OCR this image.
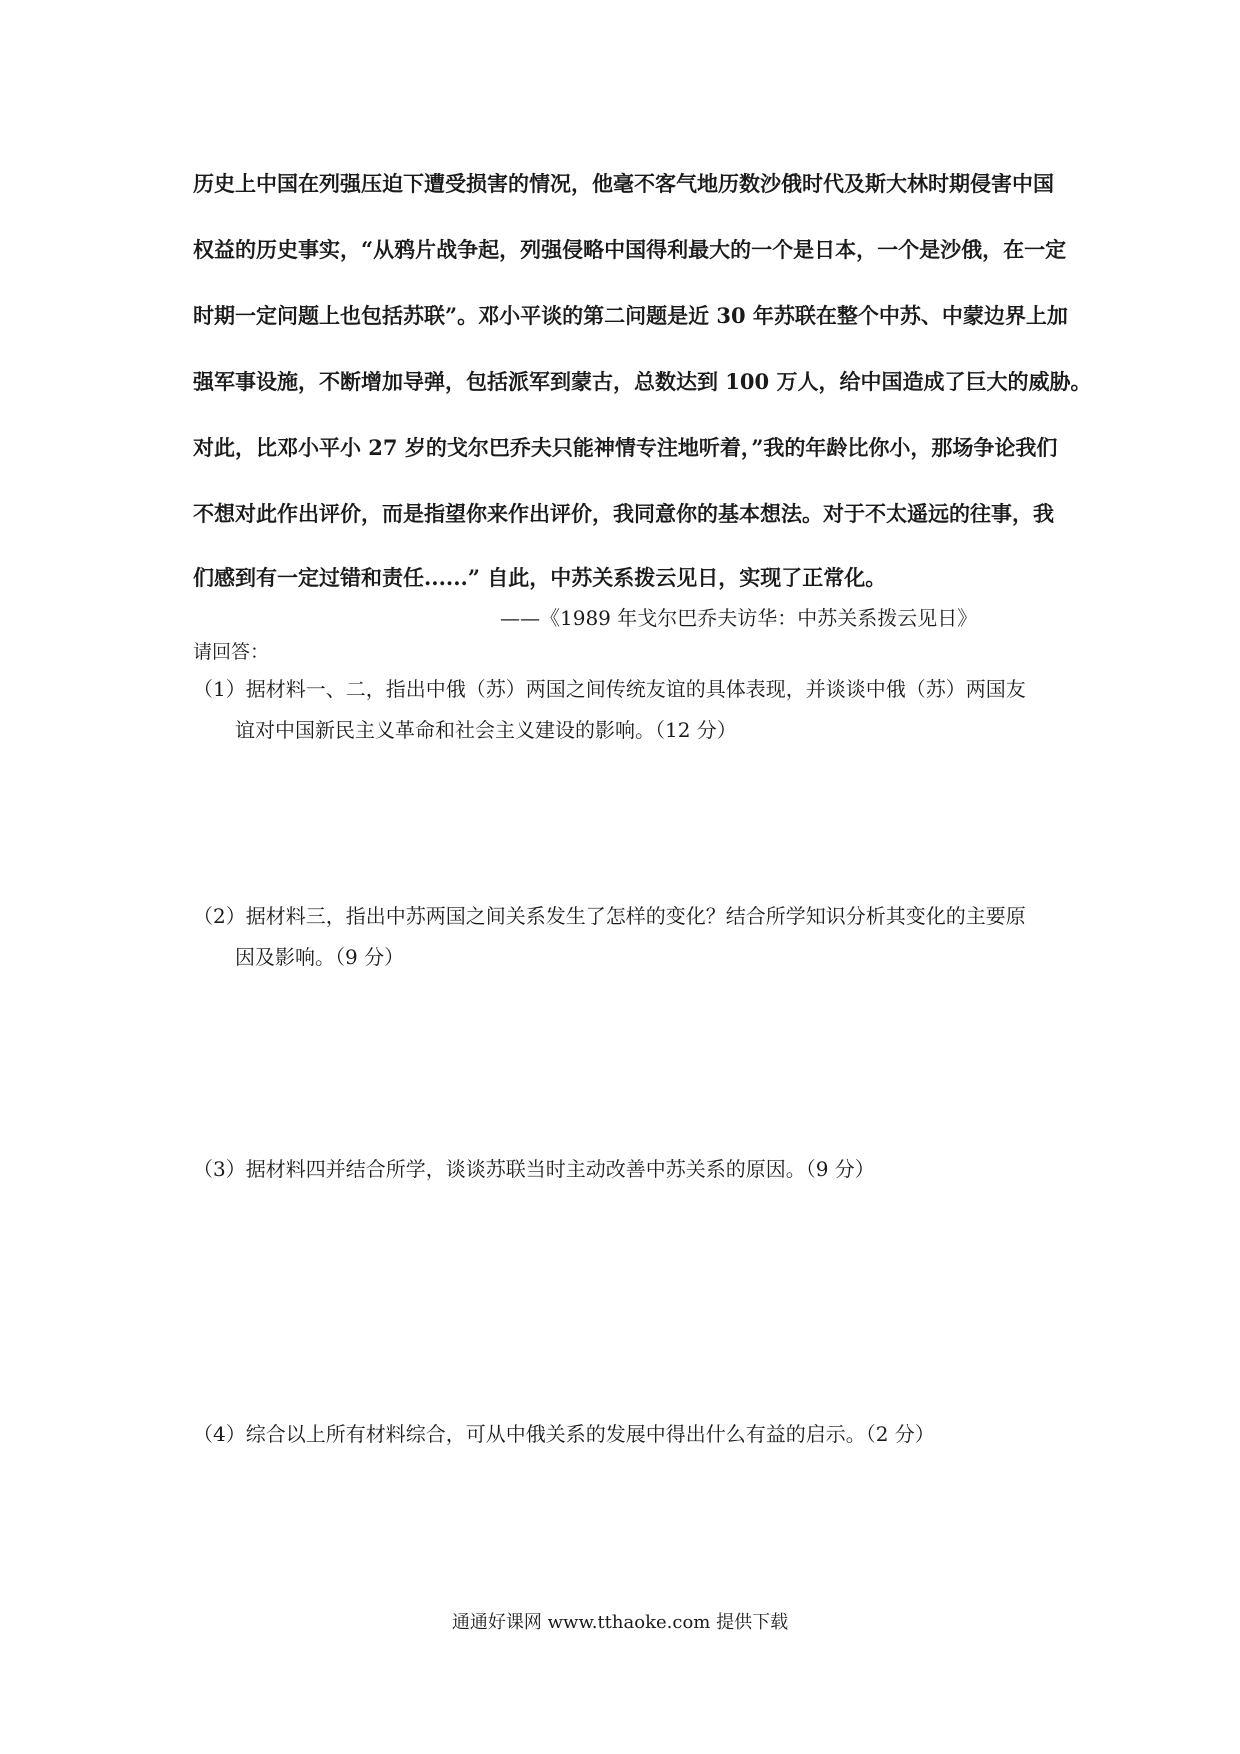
历史上中国在列强压迫下遭受损害的情况，他毫不客气地历数沙俄时代及斯大林时期侵害中国
权益的历史事实，“从鸦片战争起，列强侵略中国得利最大的一个是日本，一个是沙俄，在一定
时期一定问题上也包括苏联”。邓小平谈的第二问题是近 30 年苏联在整个中苏、中蒙边界上加
强军事设施，不断增加导弹，包括派军到蒙古，总数达到 100 万人，给中国造成了巨大的威胁。
对此，比邓小平小 27 岁的戈尔巴乔夫只能神情专注地听着，”我的年龄比你小，那场争论我们
不想对此作出评价，而是指望你来作出评价，我同意你的基本想法。对于不太遥远的往事，我
们感到有一定过错和责任......” 自此，中苏关系拨云见日，实现了正常化。
——《1989 年戈尔巴乔夫访华：中苏关系拨云见日》
请回答：
（1）据材料一、二，指出中俄（苏）两国之间传统友谊的具体表现，并谈谈中俄（苏）两国友
谊对中国新民主义革命和社会主义建设的影响。（12 分）
（2）据材料三，指出中苏两国之间关系发生了怎样的变化？结合所学知识分析其变化的主要原
因及影响。（9 分）
（3）据材料四并结合所学，谈谈苏联当时主动改善中苏关系的原因。（9 分）
（4）综合以上所有材料综合，可从中俄关系的发展中得出什么有益的启示。（2 分）
通通好课网 www.tthaoke.com 提供下载
